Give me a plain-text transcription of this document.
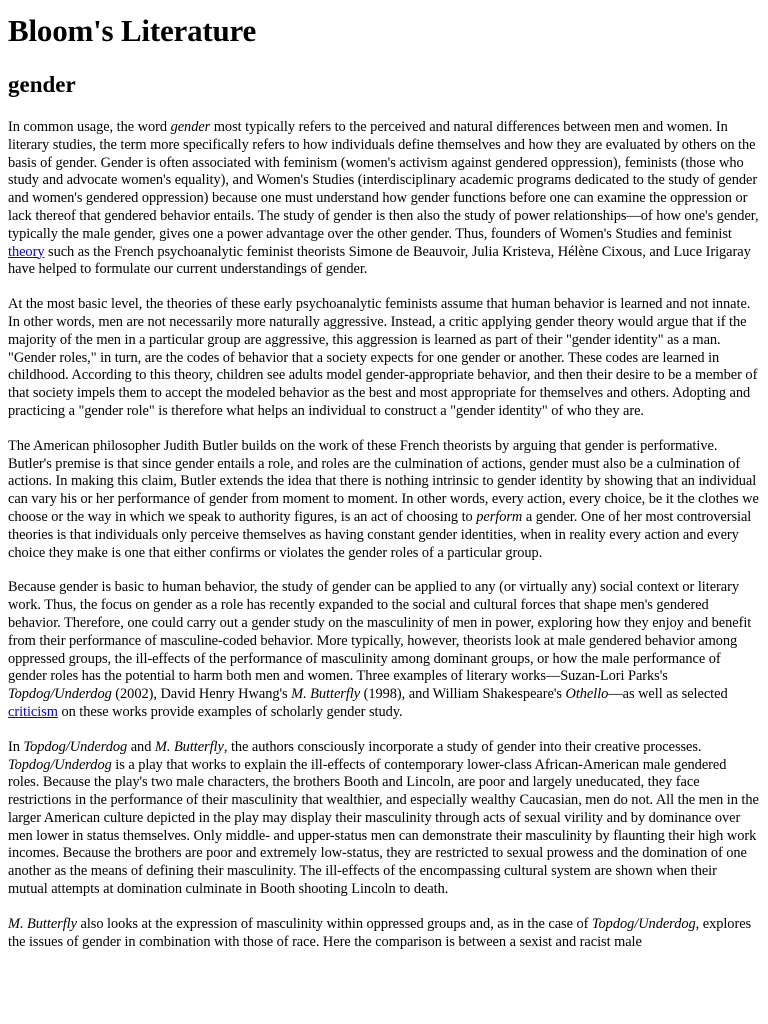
Bloom's Literature
gender

In common usage, the word gender most typically refers to the perceived and natural differences between men and women. In literary studies, the term more specifically refers to how individuals define themselves and how they are evaluated by others on the basis of gender. Gender is often associated with feminism (women's activism against gendered oppression), feminists (those who study and advocate women's equality), and Women's Studies (interdisciplinary academic programs dedicated to the study of gender and women's gendered oppression) because one must understand how gender functions before one can examine the oppression or lack thereof that gendered behavior entails. The study of gender is then also the study of power relationships—of how one's gender, typically the male gender, gives one a power advantage over the other gender. Thus, founders of Women's Studies and feminist theory such as the French psychoanalytic feminist theorists Simone de Beauvoir, Julia Kristeva, Hélène Cixous, and Luce Irigaray have helped to formulate our current understandings of gender.

At the most basic level, the theories of these early psychoanalytic feminists assume that human behavior is learned and not innate. In other words, men are not necessarily more naturally aggressive. Instead, a critic applying gender theory would argue that if the majority of the men in a particular group are aggressive, this aggression is learned as part of their "gender identity" as a man. "Gender roles," in turn, are the codes of behavior that a society expects for one gender or another. These codes are learned in childhood. According to this theory, children see adults model gender-appropriate behavior, and then their desire to be a member of that society impels them to accept the modeled behavior as the best and most appropriate for themselves and others. Adopting and practicing a "gender role" is therefore what helps an individual to construct a "gender identity" of who they are.

The American philosopher Judith Butler builds on the work of these French theorists by arguing that gender is performative. Butler's premise is that since gender entails a role, and roles are the culmination of actions, gender must also be a culmination of actions. In making this claim, Butler extends the idea that there is nothing intrinsic to gender identity by showing that an individual can vary his or her performance of gender from moment to moment. In other words, every action, every choice, be it the clothes we choose or the way in which we speak to authority figures, is an act of choosing to perform a gender. One of her most controversial theories is that individuals only perceive themselves as having constant gender identities, when in reality every action and every choice they make is one that either confirms or violates the gender roles of a particular group.

Because gender is basic to human behavior, the study of gender can be applied to any (or virtually any) social context or literary work. Thus, the focus on gender as a role has recently expanded to the social and cultural forces that shape men's gendered behavior. Therefore, one could carry out a gender study on the masculinity of men in power, exploring how they enjoy and benefit from their performance of masculine-coded behavior. More typically, however, theorists look at male gendered behavior among oppressed groups, the ill-effects of the performance of masculinity among dominant groups, or how the male performance of gender roles has the potential to harm both men and women. Three examples of literary works—Suzan-Lori Parks's Topdog/Underdog (2002), David Henry Hwang's M. Butterfly (1998), and William Shakespeare's Othello—as well as selected criticism on these works provide examples of scholarly gender study.

In Topdog/Underdog and M. Butterfly, the authors consciously incorporate a study of gender into their creative processes. Topdog/Underdog is a play that works to explain the ill-effects of contemporary lower-class African-American male gendered roles. Because the play's two male characters, the brothers Booth and Lincoln, are poor and largely uneducated, they face restrictions in the performance of their masculinity that wealthier, and especially wealthy Caucasian, men do not. All the men in the larger American culture depicted in the play may display their masculinity through acts of sexual virility and by dominance over men lower in status themselves. Only middle- and upper-status men can demonstrate their masculinity by flaunting their high work incomes. Because the brothers are poor and extremely low-status, they are restricted to sexual prowess and the domination of one another as the means of defining their masculinity. The ill-effects of the encompassing cultural system are shown when their mutual attempts at domination culminate in Booth shooting Lincoln to death.

M. Butterfly also looks at the expression of masculinity within oppressed groups and, as in the case of Topdog/Underdog, explores the issues of gender in combination with those of race. Here the comparison is between a sexist and racist male
